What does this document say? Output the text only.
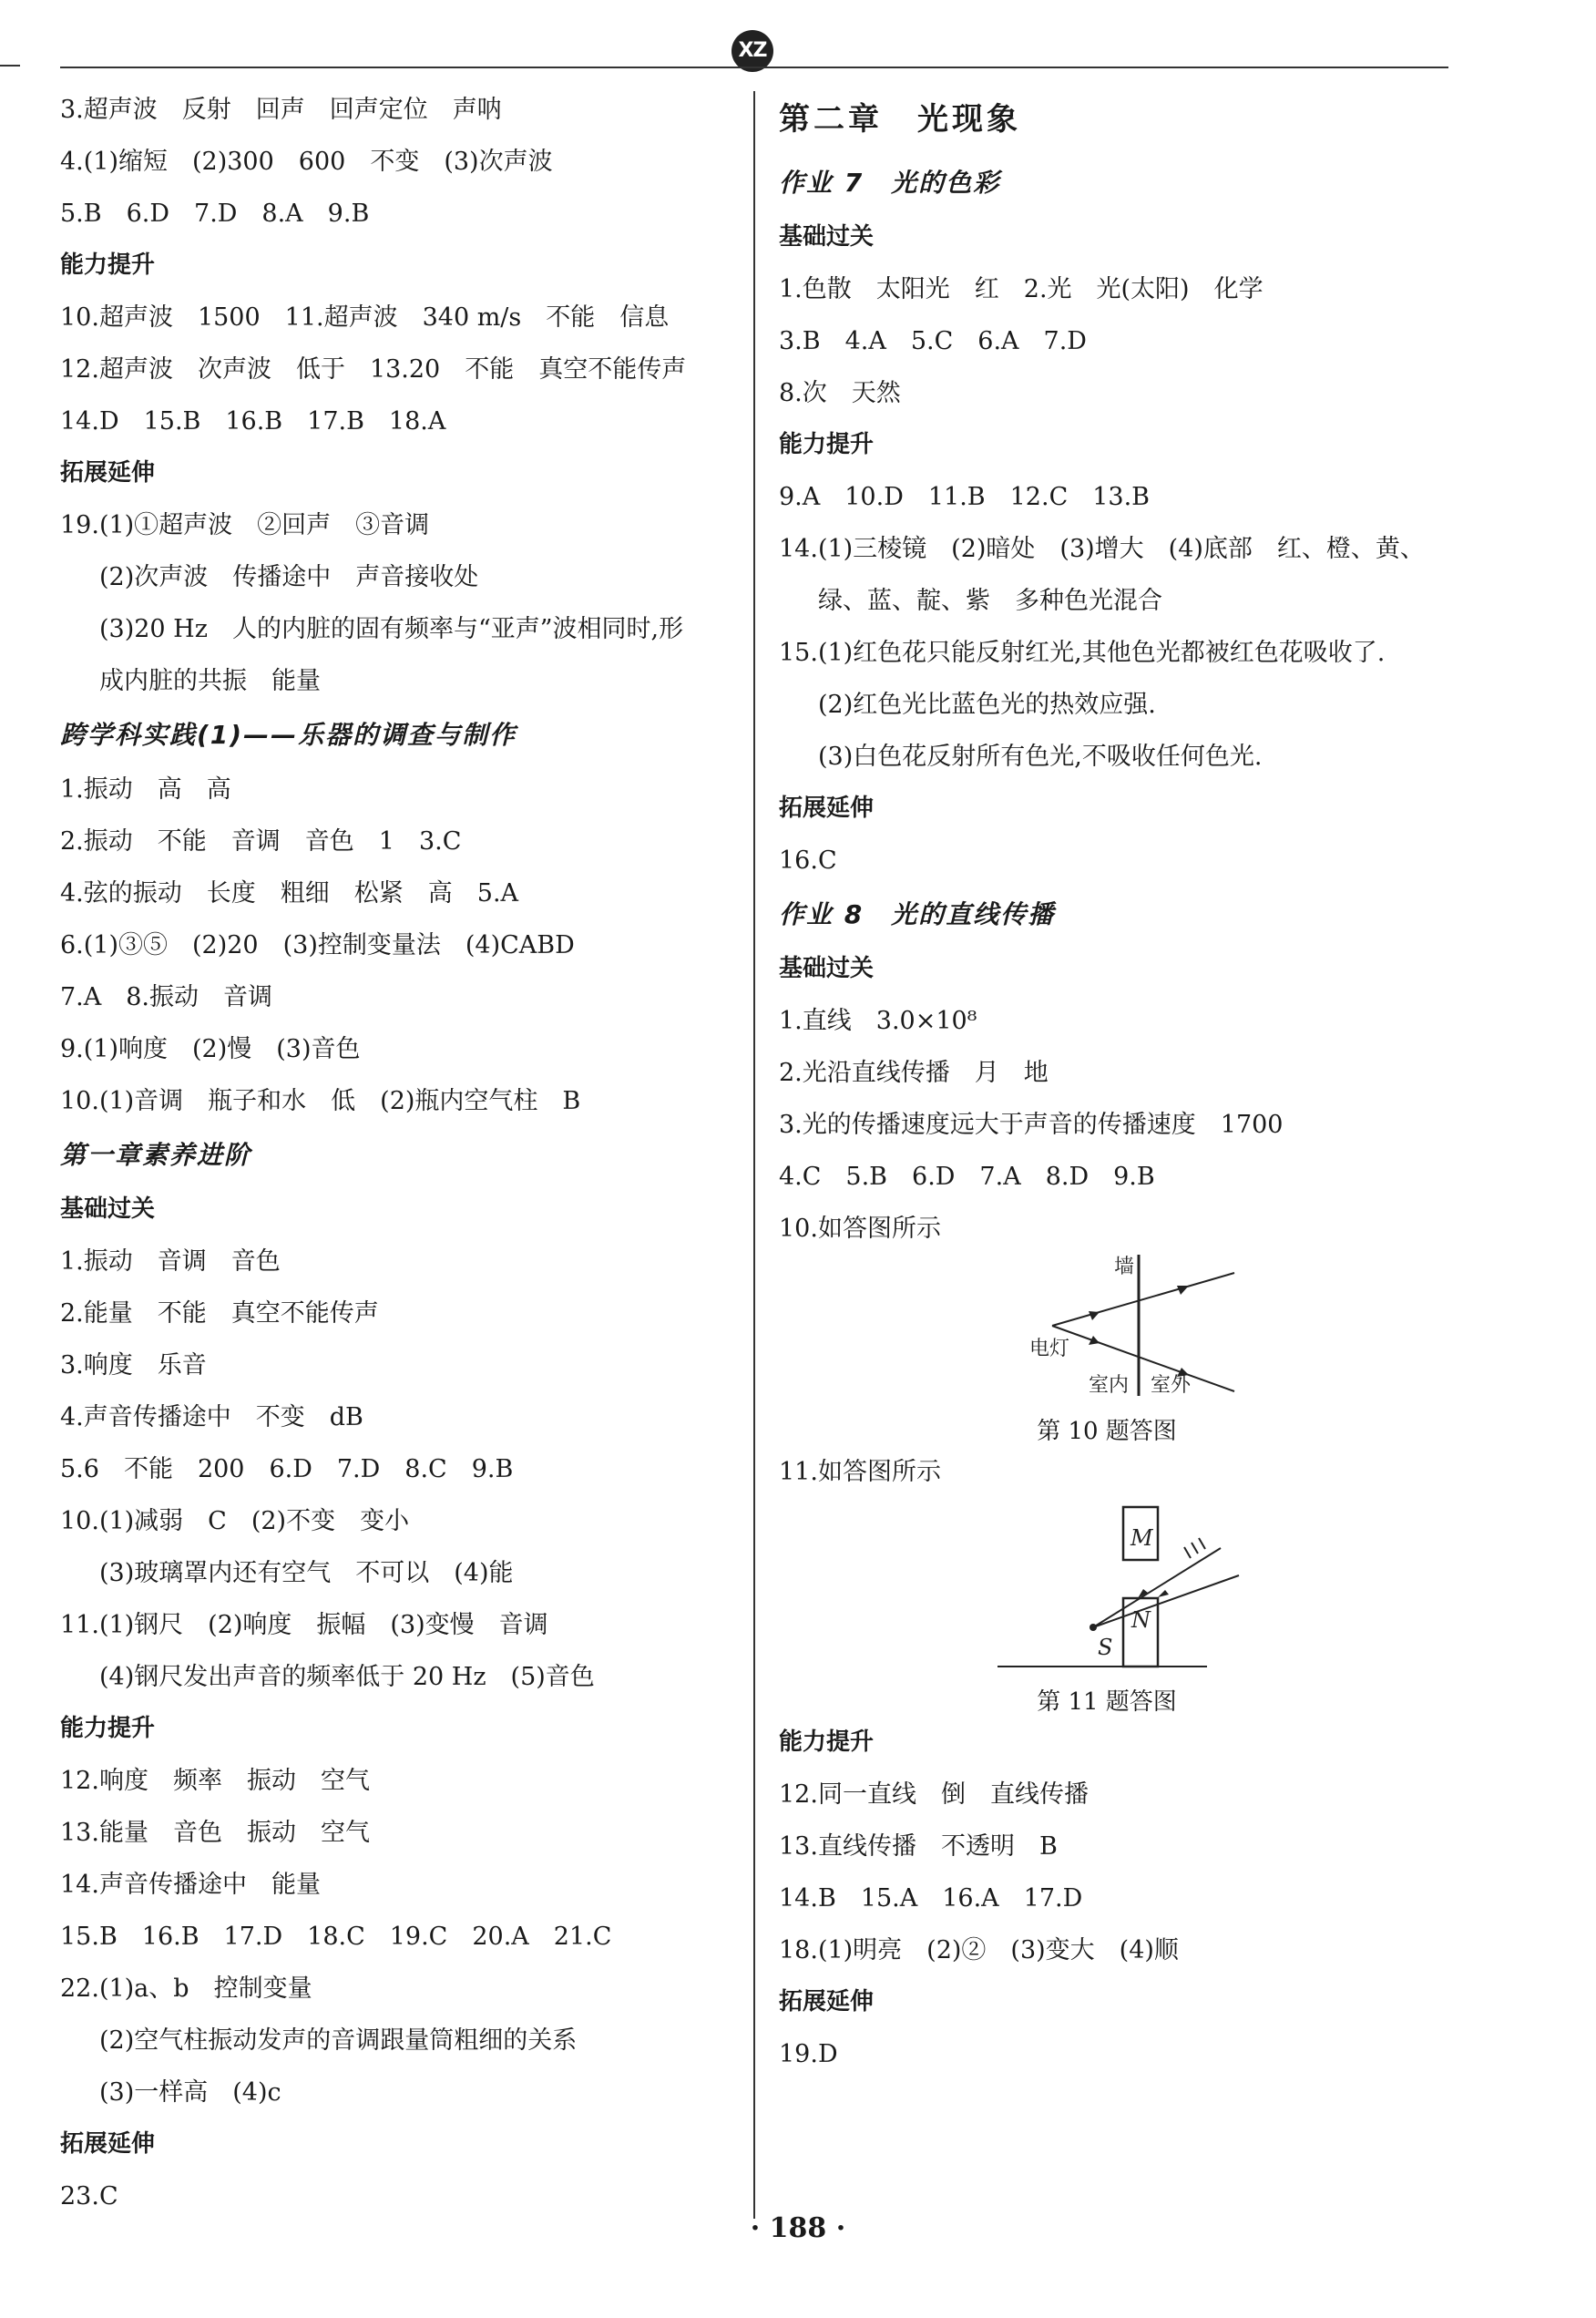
XZ
3.超声波　反射　回声　回声定位　声呐
4.(1)缩短　(2)300　600　不变　(3)次声波
5.B　6.D　7.D　8.A　9.B
能力提升
10.超声波　1500　11.超声波　340 m/s　不能　信息
12.超声波　次声波　低于　13.20　不能　真空不能传声
14.D　15.B　16.B　17.B　18.A
拓展延伸
19.(1)①超声波　②回声　③音调
(2)次声波　传播途中　声音接收处
(3)20 Hz　人的内脏的固有频率与“亚声”波相同时,形
成内脏的共振　能量
跨学科实践(1)——乐器的调查与制作
1.振动　高　高
2.振动　不能　音调　音色　1　3.C
4.弦的振动　长度　粗细　松紧　高　5.A
6.(1)③⑤　(2)20　(3)控制变量法　(4)CABD
7.A　8.振动　音调
9.(1)响度　(2)慢　(3)音色
10.(1)音调　瓶子和水　低　(2)瓶内空气柱　B
第一章素养进阶
基础过关
1.振动　音调　音色
2.能量　不能　真空不能传声
3.响度　乐音
4.声音传播途中　不变　dB
5.6　不能　200　6.D　7.D　8.C　9.B
10.(1)减弱　C　(2)不变　变小
(3)玻璃罩内还有空气　不可以　(4)能
11.(1)钢尺　(2)响度　振幅　(3)变慢　音调
(4)钢尺发出声音的频率低于 20 Hz　(5)音色
能力提升
12.响度　频率　振动　空气
13.能量　音色　振动　空气
14.声音传播途中　能量
15.B　16.B　17.D　18.C　19.C　20.A　21.C
22.(1)a、b　控制变量
(2)空气柱振动发声的音调跟量筒粗细的关系
(3)一样高　(4)c
拓展延伸
23.C
第二章　光现象
作业 7　光的色彩
基础过关
1.色散　太阳光　红　2.光　光(太阳)　化学
3.B　4.A　5.C　6.A　7.D
8.次　天然
能力提升
9.A　10.D　11.B　12.C　13.B
14.(1)三棱镜　(2)暗处　(3)增大　(4)底部　红、橙、黄、
绿、蓝、靛、紫　多种色光混合
15.(1)红色花只能反射红光,其他色光都被红色花吸收了.
(2)红色光比蓝色光的热效应强.
(3)白色花反射所有色光,不吸收任何色光.
拓展延伸
16.C
作业 8　光的直线传播
基础过关
1.直线　3.0×10⁸
2.光沿直线传播　月　地
3.光的传播速度远大于声音的传播速度　1700
4.C　5.B　6.D　7.A　8.D　9.B
10.如答图所示
墙
电灯
室内 室外
第 10 题答图
11.如答图所示
M
N
S
第 11 题答图
能力提升
12.同一直线　倒　直线传播
13.直线传播　不透明　B
14.B　15.A　16.A　17.D
18.(1)明亮　(2)②　(3)变大　(4)顺
拓展延伸
19.D
· 188 ·
